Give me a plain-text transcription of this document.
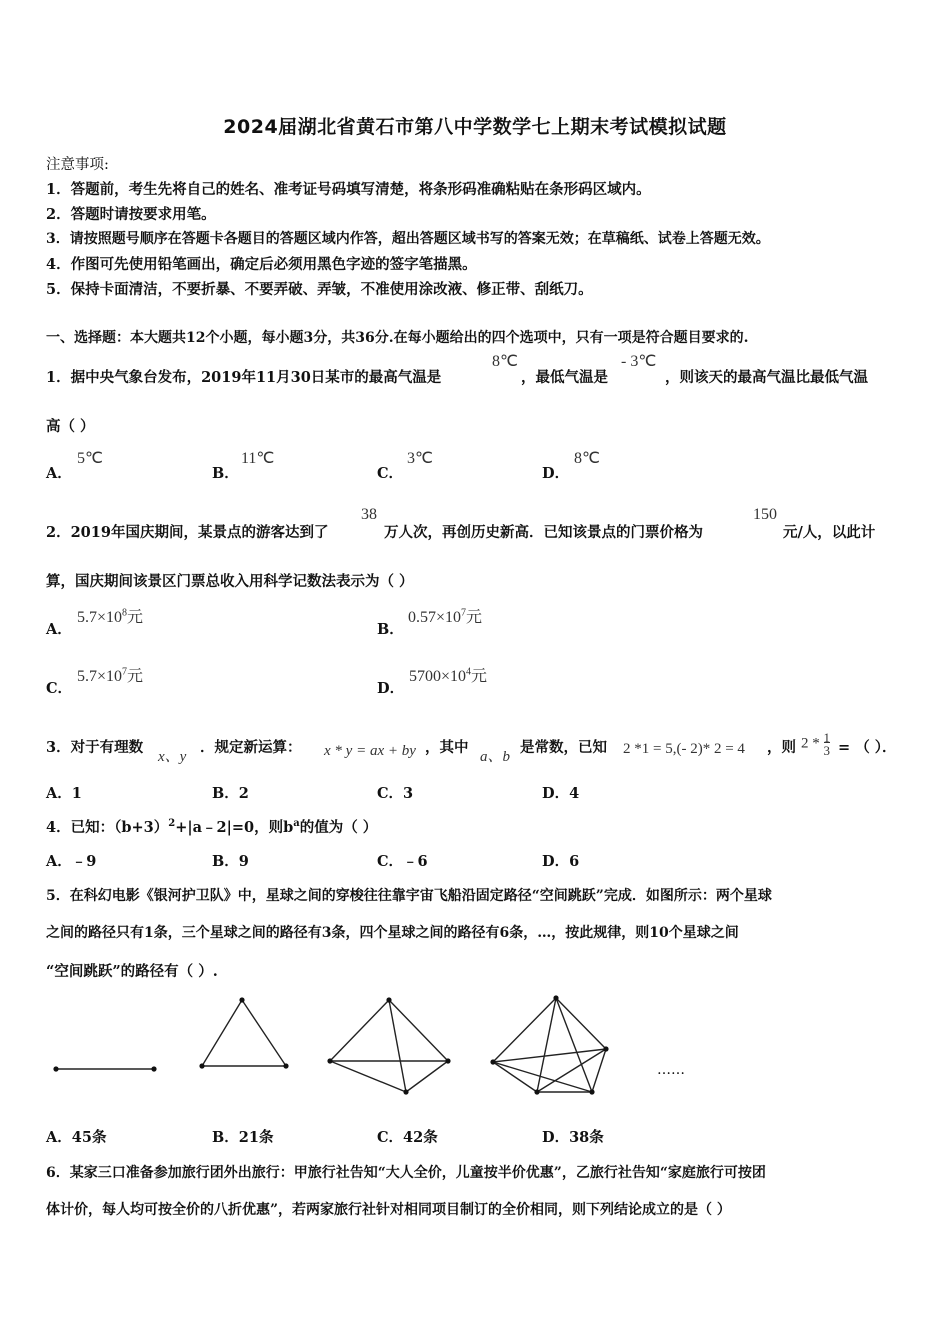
2024届湖北省黄石市第八中学数学七上期末考试模拟试题
注意事项:
1．答题前，考生先将自己的姓名、准考证号码填写清楚，将条形码准确粘贴在条形码区域内。
2．答题时请按要求用笔。
3．请按照题号顺序在答题卡各题目的答题区域内作答，超出答题区域书写的答案无效；在草稿纸、试卷上答题无效。
4．作图可先使用铅笔画出，确定后必须用黑色字迹的签字笔描黑。
5．保持卡面清洁，不要折暴、不要弄破、弄皱，不准使用涂改液、修正带、刮纸刀。
一、选择题：本大题共12个小题，每小题3分，共36分.在每小题给出的四个选项中，只有一项是符合题目要求的.
1．据中央气象台发布，2019年11月30日某市的最高气温是
8℃
，最低气温是
- 3℃
，则该天的最高气温比最低气温
高（ ）
A．
5℃
B．
11℃
C．
3℃
D．
8℃
2．2019年国庆期间，某景点的游客达到了
38
万人次，再创历史新高．已知该景点的门票价格为
150
元/人，以此计
算，国庆期间该景区门票总收入用科学记数法表示为（ ）
A．
$5.7\times 10^8$元
B．
$0.57\times 10^7$元
C．
$5.7\times 10^7$元
D．
$5700\times 10^4$元
3．对于有理数
x、y
．规定新运算： x * y = ax + by ，其中
a、b
是常数，已知 2 *1 = 5,(- 2)* 2 = 4 ，则 $2 * \frac{1}{3}$ = （ ）．
A．1	B．2	C．3	D．4
4．已知：$(b+3)^2+|a﹣2|=0$，则$b^a$的值为（ ）
A．﹣9	B．9	C．﹣6	D．6
5．在科幻电影《银河护卫队》中，星球之间的穿梭往往靠宇宙飞船沿固定路径“空间跳跃”完成．如图所示：两个星球
之间的路径只有1条，三个星球之间的路径有3条，四个星球之间的路径有6条，…，按此规律，则10个星球之间
“空间跳跃”的路径有（ ）.
……
A．45条	B．21条	C．42条	D．38条
6．某家三口准备参加旅行团外出旅行：甲旅行社告知“大人全价，儿童按半价优惠”，乙旅行社告知“家庭旅行可按团
体计价，每人均可按全价的八折优惠”，若两家旅行社针对相同项目制订的全价相同，则下列结论成立的是（ ）
